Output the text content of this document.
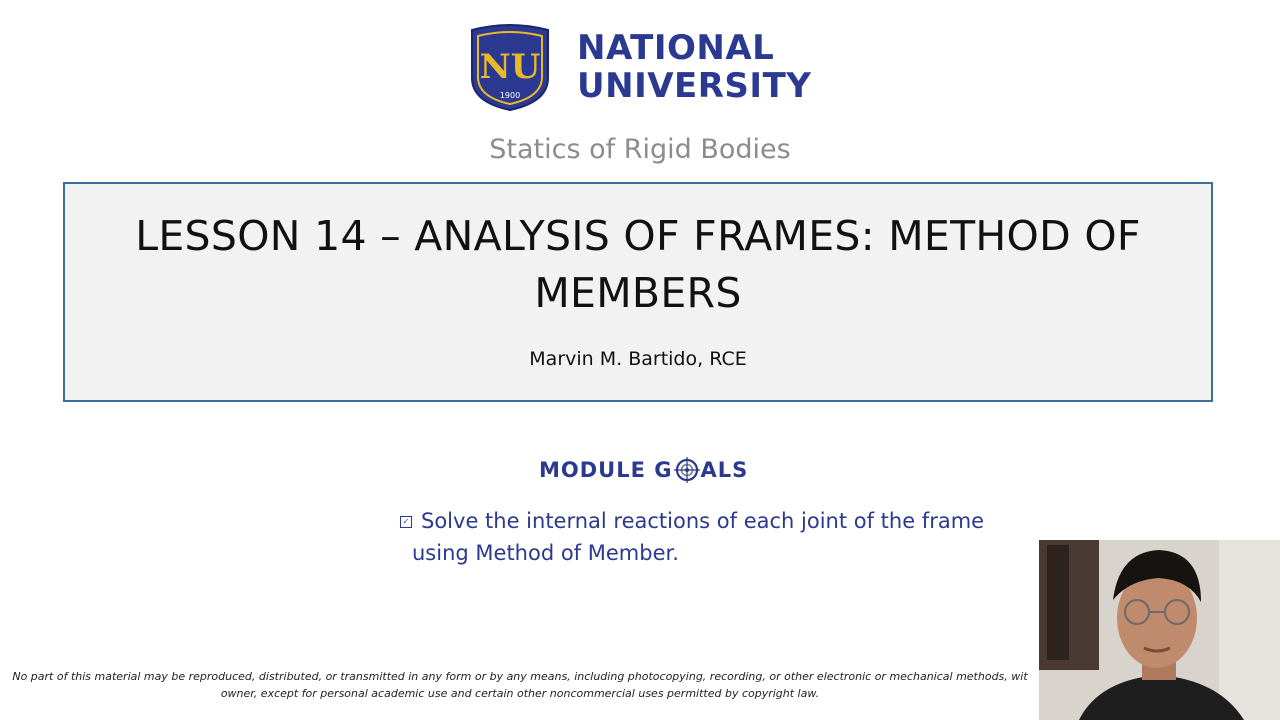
NU
1900
NATIONAL
UNIVERSITY
Statics of Rigid Bodies
LESSON 14 – ANALYSIS OF FRAMES: METHOD OF MEMBERS
Marvin M. Bartido, RCE
MODULE G ALS
✓ Solve the internal reactions of each joint of the frame
using Method of Member.
No part of this material may be reproduced, distributed, or transmitted in any form or by any means, including photocopying, recording, or other electronic or mechanical methods, wit
owner, except for personal academic use and certain other noncommercial uses permitted by copyright law.
